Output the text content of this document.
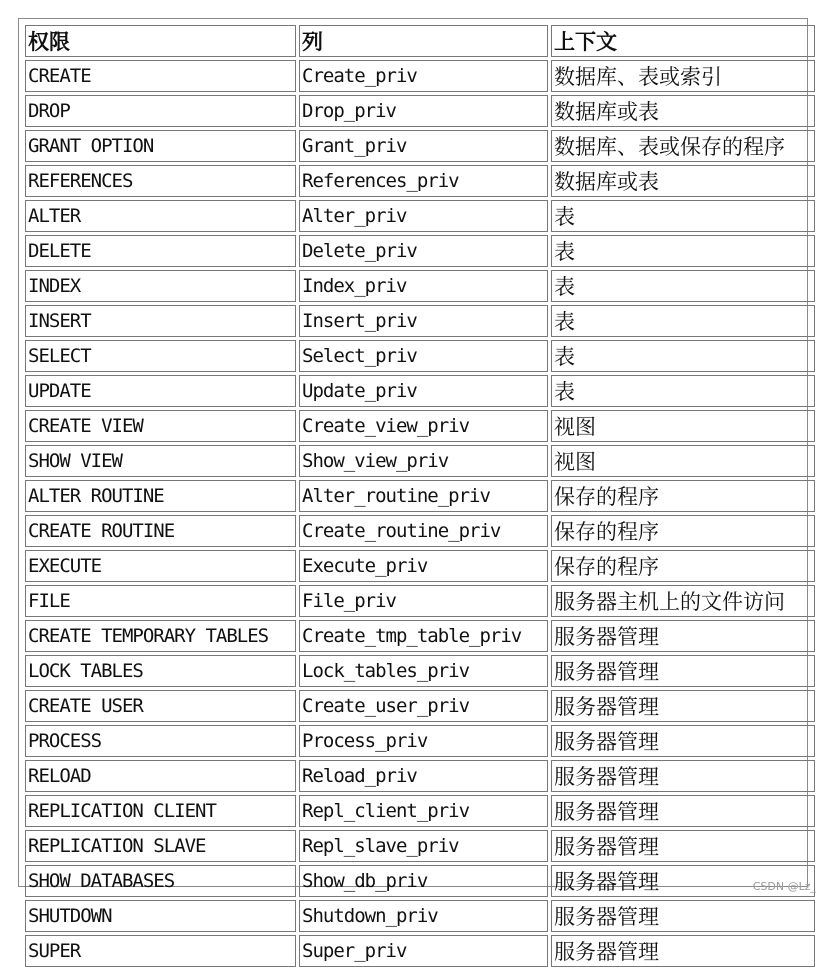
权限	列	上下文
CREATE	Create_priv	数据库、表或索引
DROP	Drop_priv	数据库或表
GRANT OPTION	Grant_priv	数据库、表或保存的程序
REFERENCES	References_priv	数据库或表
ALTER	Alter_priv	表
DELETE	Delete_priv	表
INDEX	Index_priv	表
INSERT	Insert_priv	表
SELECT	Select_priv	表
UPDATE	Update_priv	表
CREATE VIEW	Create_view_priv	视图
SHOW VIEW	Show_view_priv	视图
ALTER ROUTINE	Alter_routine_priv	保存的程序
CREATE ROUTINE	Create_routine_priv	保存的程序
EXECUTE	Execute_priv	保存的程序
FILE	File_priv	服务器主机上的文件访问
CREATE TEMPORARY TABLES	Create_tmp_table_priv	服务器管理
LOCK TABLES	Lock_tables_priv	服务器管理
CREATE USER	Create_user_priv	服务器管理
PROCESS	Process_priv	服务器管理
RELOAD	Reload_priv	服务器管理
REPLICATION CLIENT	Repl_client_priv	服务器管理
REPLICATION SLAVE	Repl_slave_priv	服务器管理
SHOW DATABASES	Show_db_priv	服务器管理
SHUTDOWN	Shutdown_priv	服务器管理
SUPER	Super_priv	服务器管理
CSDN @Lz_
